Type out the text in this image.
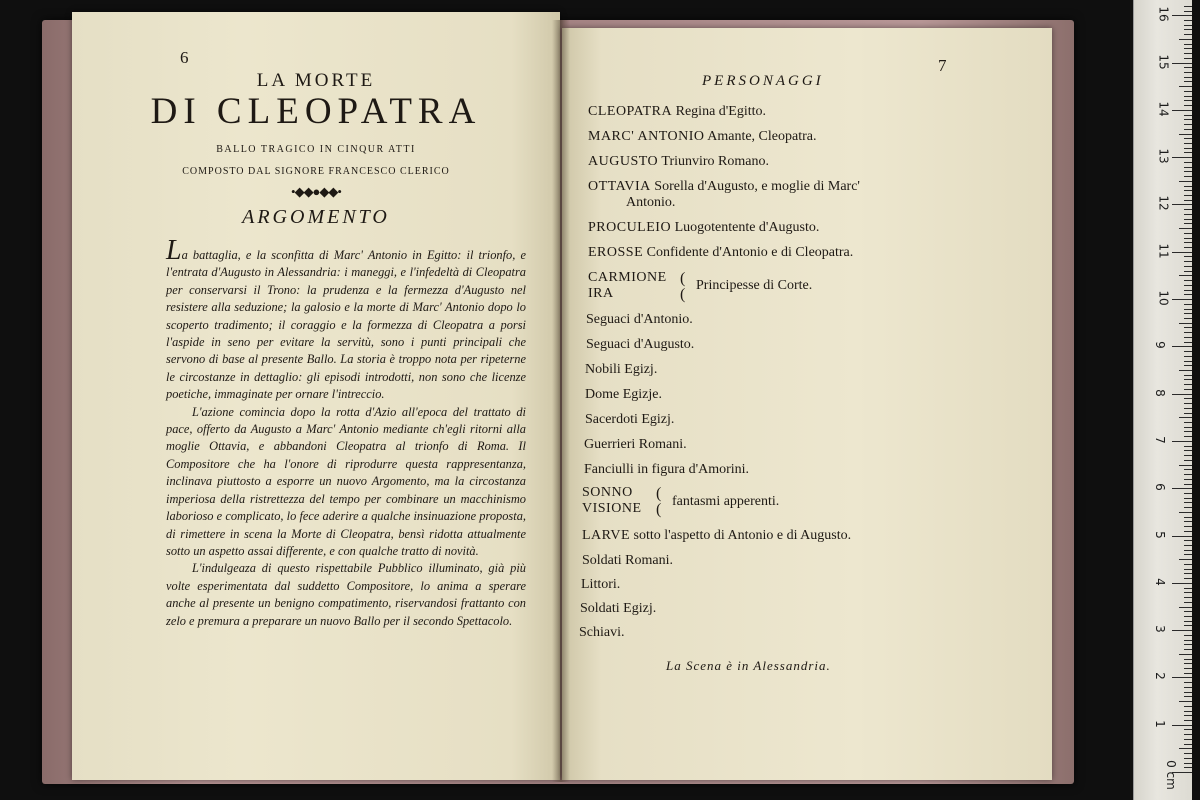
6
LA MORTE
DI CLEOPATRA
BALLO TRAGICO IN CINQUR ATTI
COMPOSTO DAL SIGNORE FRANCESCO CLERICO
•◆◆●◆◆•
ARGOMENTO

La battaglia, e la sconfitta di Marc' Antonio in Egitto: il trionfo, e l'entrata d'Augusto in Alessandria: i maneggi, e l'infedeltà di Cleopatra per conservarsi il Trono: la prudenza e la fermezza d'Augusto nel resistere alla seduzione; la galosio e la morte di Marc' Antonio dopo lo scoperto tradimento; il coraggio e la formezza di Cleopatra a porsi l'aspide in seno per evitare la servitù, sono i punti principali che servono di base al presente Ballo. La storia è troppo nota per ripeterne le circostanze in dettaglio: gli episodi introdotti, non sono che licenze poetiche, immaginate per ornare l'intreccio.

L'azione comincia dopo la rotta d'Azio all'epoca del trattato di pace, offerto da Augusto a Marc' Antonio mediante ch'egli ritorni alla moglie Ottavia, e abbandoni Cleopatra al trionfo di Roma. Il Compositore che ha l'onore di riprodurre questa rappresentanza, inclinava piuttosto a esporre un nuovo Argomento, ma la circostanza imperiosa della ristrettezza del tempo per combinare un macchinismo laborioso e complicato, lo fece aderire a qualche insinuazione proposta, di rimettere in scena la Morte di Cleopatra, bensì ridotta attualmente sotto un aspetto assai differente, e con qualche tratto di novità.

L'indulgeaza di questo rispettabile Pubblico illuminato, già più volte esperimentata dal suddetto Compositore, lo anima a sperare anche al presente un benigno compatimento, riservandosi frattanto con zelo e premura a preparare un nuovo Ballo per il secondo Spettacolo.

7
PERSONAGGI
CLEOPATRA Regina d'Egitto.
MARC' ANTONIO Amante, Cleopatra.
AUGUSTO Triunviro Romano.
OTTAVIA Sorella d'Augusto, e moglie di Marc'
Antonio.
PROCULEIO Luogotentente d'Augusto.
EROSSE Confidente d'Antonio e di Cleopatra.
CARMIONE
IRA
(
(
Principesse di Corte.
Seguaci d'Antonio.
Seguaci d'Augusto.
Nobili Egizj.
Dome Egizje.
Sacerdoti Egizj.
Guerrieri Romani.
Fanciulli in figura d'Amorini.
SONNO
VISIONE
(
( fantasmi apperenti.
LARVE sotto l'aspetto di Antonio e di Augusto.
Soldati Romani.
Littori.
Soldati Egizj.
Schiavi.
La Scena è in Alessandria.
0 cm
1
2
3
4
5
6
7
8
9
10
11
12
13
14
15
16
